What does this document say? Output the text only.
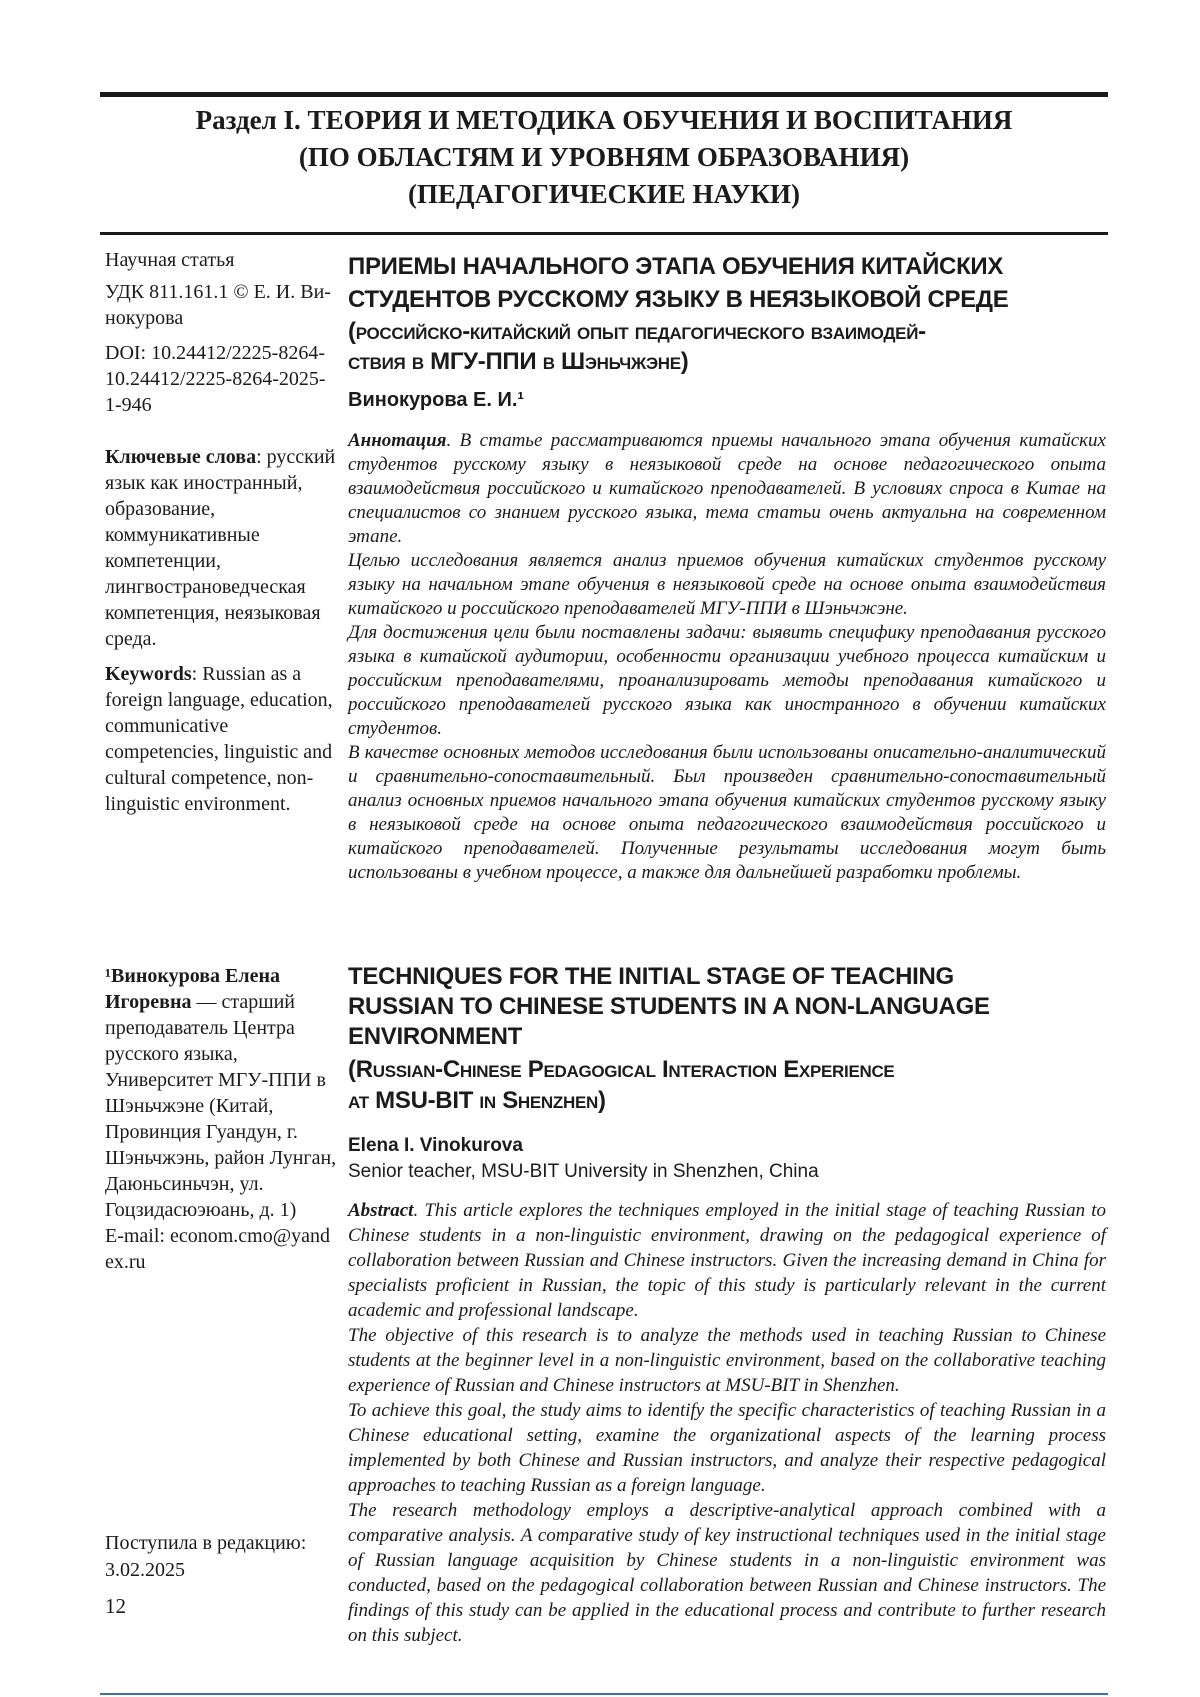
Раздел I. ТЕОРИЯ И МЕТОДИКА ОБУЧЕНИЯ И ВОСПИТАНИЯ
(ПО ОБЛАСТЯМ И УРОВНЯМ ОБРАЗОВАНИЯ)
(ПЕДАГОГИЧЕСКИЕ НАУКИ)

Научная статья

УДК 811.161.1 © Е. И. Ви-
нокурова

DOI: 10.24412/2225-8264-
10.24412/2225-8264-2025-
1-946

Ключевые слова: русский язык как иностранный, образование, коммуникативные компетенции, лингвострановедческая компетенция, неязыковая среда.

Keywords: Russian as a foreign language, education, communicative competencies, linguistic and cultural competence, non-linguistic environment.

¹Винокурова Елена Игоревна — старший преподаватель Центра русского языка, Университет МГУ-ППИ в Шэньчжэне (Китай, Провинция Гуандун, г. Шэньчжэнь, район Лунган, Даюньсиньчэн, ул. Гоцзидасюэюань, д. 1)

E-mail: econom.cmo@yandex.ru

Поступила в редакцию:
3.02.2025
12
ПРИЕМЫ НАЧАЛЬНОГО ЭТАПА ОБУЧЕНИЯ КИТАЙСКИХ
СТУДЕНТОВ РУССКОМУ ЯЗЫКУ В НЕЯЗЫКОВОЙ СРЕДЕ
(российско-китайский опыт педагогического взаимодей-
ствия в МГУ-ППИ в Шэньчжэне)
Винокурова Е. И.¹
Аннотация. В статье рассматриваются приемы начального этапа обучения китайских студентов русскому языку в неязыковой среде на основе педагогического опыта взаимодействия российского и китайского преподавателей. В условиях спроса в Китае на специалистов со знанием русского языка, тема статьи очень актуальна на современном этапе.
Целью исследования является анализ приемов обучения китайских студентов русскому языку на начальном этапе обучения в неязыковой среде на основе опыта взаимодействия китайского и российского преподавателей МГУ-ППИ в Шэньчжэне.
Для достижения цели были поставлены задачи: выявить специфику преподавания русского языка в китайской аудитории, особенности организации учебного процесса китайским и российским преподавателями, проанализировать методы преподавания китайского и российского преподавателей русского языка как иностранного в обучении китайских студентов.
В качестве основных методов исследования были использованы описательно-аналитический и сравнительно-сопоставительный. Был произведен сравнительно-сопоставительный анализ основных приемов начального этапа обучения китайских студентов русскому языку в неязыковой среде на основе опыта педагогического взаимодействия российского и китайского преподавателей. Полученные результаты исследования могут быть использованы в учебном процессе, а также для дальнейшей разработки проблемы.
TECHNIQUES FOR THE INITIAL STAGE OF TEACHING
RUSSIAN TO CHINESE STUDENTS IN A NON-LANGUAGE
ENVIRONMENT
(Russian-Chinese Pedagogical Interaction Experience
at MSU-BIT in Shenzhen)
Elena I. Vinokurova
Senior teacher, MSU-BIT University in Shenzhen, China
Abstract. This article explores the techniques employed in the initial stage of teaching Russian to Chinese students in a non-linguistic environment, drawing on the pedagogical experience of collaboration between Russian and Chinese instructors. Given the increasing demand in China for specialists proficient in Russian, the topic of this study is particularly relevant in the current academic and professional landscape.
The objective of this research is to analyze the methods used in teaching Russian to Chinese students at the beginner level in a non-linguistic environment, based on the collaborative teaching experience of Russian and Chinese instructors at MSU-BIT in Shenzhen.
To achieve this goal, the study aims to identify the specific characteristics of teaching Russian in a Chinese educational setting, examine the organizational aspects of the learning process implemented by both Chinese and Russian instructors, and analyze their respective pedagogical approaches to teaching Russian as a foreign language.
The research methodology employs a descriptive-analytical approach combined with a comparative analysis. A comparative study of key instructional techniques used in the initial stage of Russian language acquisition by Chinese students in a non-linguistic environment was conducted, based on the pedagogical collaboration between Russian and Chinese instructors. The findings of this study can be applied in the educational process and contribute to further research on this subject.
